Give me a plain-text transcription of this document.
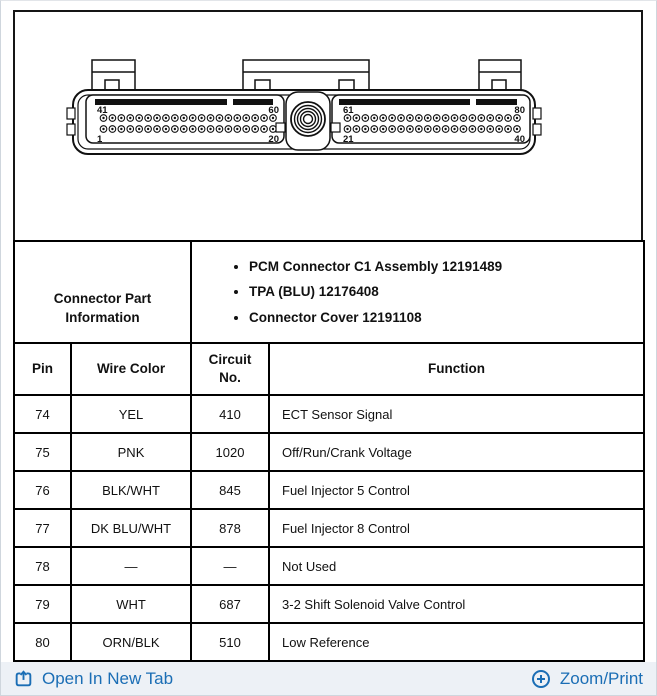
41	60
1	20
61	80
21	40
Connector Part Information	
• PCM Connector C1 Assembly 12191489
• TPA (BLU) 12176408
• Connector Cover 12191108

Pin	Wire Color	Circuit No.	Function
74	YEL	410	ECT Sensor Signal
75	PNK	1020	Off/Run/Crank Voltage
76	BLK/WHT	845	Fuel Injector 5 Control
77	DK BLU/WHT	878	Fuel Injector 8 Control
78	—	—	Not Used
79	WHT	687	3-2 Shift Solenoid Valve Control
80	ORN/BLK	510	Low Reference
Open In New Tab	Zoom/Print
